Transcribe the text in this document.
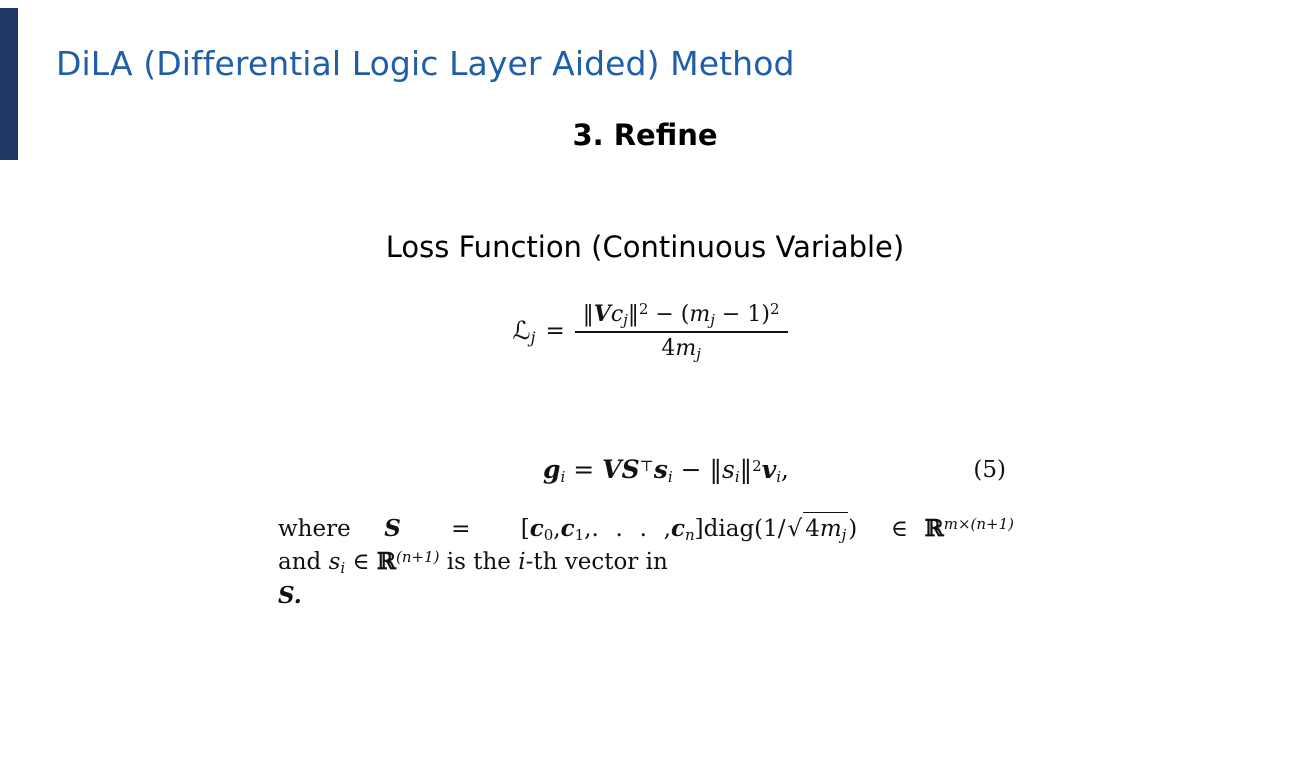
DiLA (Differential Logic Layer Aided) Method
3. Refine
Loss Function (Continuous Variable)
ℒ$_j$ = $\frac{‖Vc_j‖^2 - (m_j - 1)^2}{4m_j}$
$g_i = VS^⊤s_i$ − $‖s_i‖^2v_i$,	(5)
where $S = [c_0,c_1$,. . . $,c_n]diag(1/√$ $4m_j$) ∈ ℝ$^{m\times(n+1)}$ and $s_i$ ∈ ℝ$^{(n+1)}$ is the i-th vector in
S.
